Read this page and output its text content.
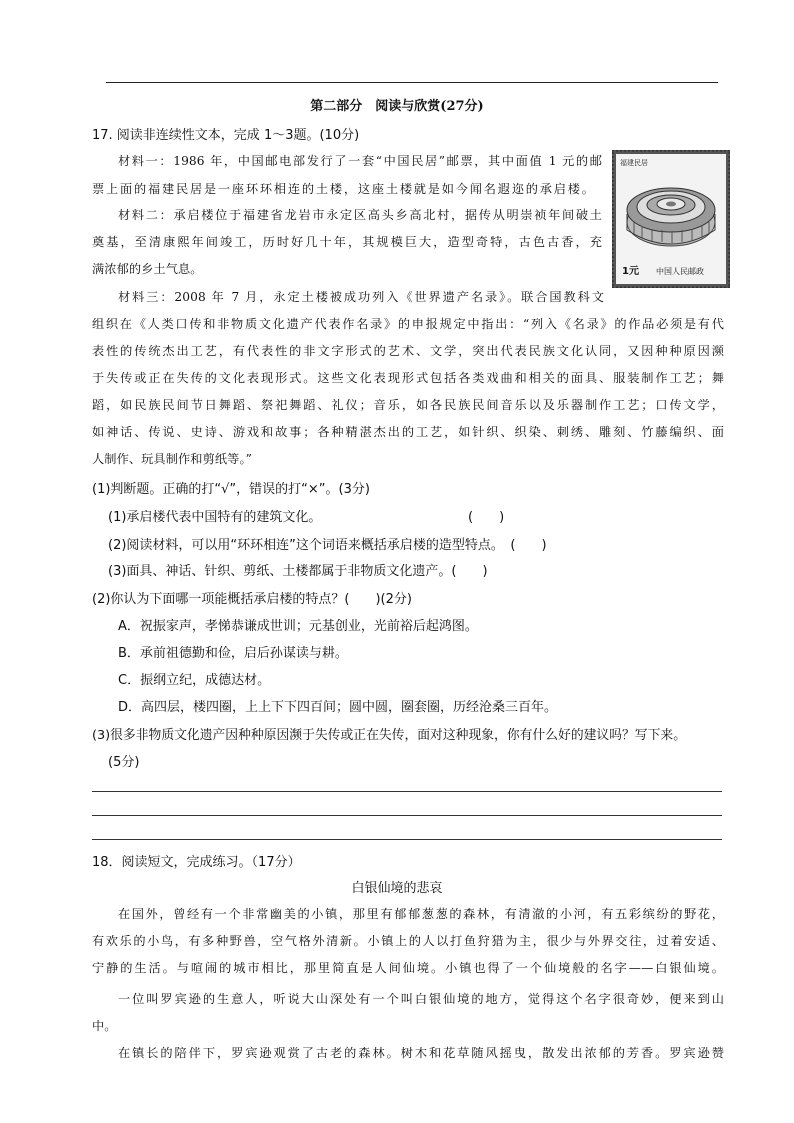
第二部分　阅读与欣赏(27分)
17. 阅读非连续性文本，完成 1～3题。(10分)
材料一：1986 年，中国邮电部发行了一套“中国民居”邮票，其中面值 1 元的邮
票上面的福建民居是一座环环相连的土楼，这座土楼就是如今闻名遐迩的承启楼。
材料二：承启楼位于福建省龙岩市永定区高头乡高北村，据传从明崇祯年间破土
奠基，至清康熙年间竣工，历时好几十年，其规模巨大，造型奇特，古色古香，充
满浓郁的乡土气息。
材料三：2008 年 7 月，永定土楼被成功列入《世界遗产名录》。联合国教科文
组织在《人类口传和非物质文化遗产代表作名录》的申报规定中指出：“列入《名录》的作品必须是有代
表性的传统杰出工艺，有代表性的非文字形式的艺术、文学，突出代表民族文化认同，又因种种原因濒
于失传或正在失传的文化表现形式。这些文化表现形式包括各类戏曲和相关的面具、服装制作工艺；舞
蹈，如民族民间节日舞蹈、祭祀舞蹈、礼仪；音乐，如各民族民间音乐以及乐器制作工艺；口传文学，
如神话、传说、史诗、游戏和故事；各种精湛杰出的工艺，如针织、织染、刺绣、雕刻、竹藤编织、面
人制作、玩具制作和剪纸等。”
福建民居
1元 中国人民邮政
(1)判断题。正确的打“√”，错误的打“×”。(3分)
(1)承启楼代表中国特有的建筑文化。	(　　)
(2)阅读材料，可以用“环环相连”这个词语来概括承启楼的造型特点。　(　　)
(3)面具、神话、针织、剪纸、土楼都属于非物质文化遗产。(　　)
(2)你认为下面哪一项能概括承启楼的特点？(　　)(2分)
A．祝振家声，孝悌恭谦成世训；元基创业，光前裕后起鸿图。
B．承前祖德勤和俭，启后孙谋读与耕。
C．振纲立纪，成德达材。
D．高四层，楼四圈，上上下下四百间；圆中圆，圈套圈，历经沧桑三百年。
(3)很多非物质文化遗产因种种原因濒于失传或正在失传，面对这种现象，你有什么好的建议吗？写下来。
(5分)
18．阅读短文，完成练习。（17分）
白银仙境的悲哀
在国外，曾经有一个非常幽美的小镇，那里有郁郁葱葱的森林，有清澈的小河，有五彩缤纷的野花，
有欢乐的小鸟，有多种野兽，空气格外清新。小镇上的人以打鱼狩猎为主，很少与外界交往，过着安适、
宁静的生活。与喧闹的城市相比，那里简直是人间仙境。小镇也得了一个仙境般的名字——白银仙境。
一位叫罗宾逊的生意人，听说大山深处有一个叫白银仙境的地方，觉得这个名字很奇妙，便来到山
中。
在镇长的陪伴下，罗宾逊观赏了古老的森林。树木和花草随风摇曳，散发出浓郁的芳香。罗宾逊赞
